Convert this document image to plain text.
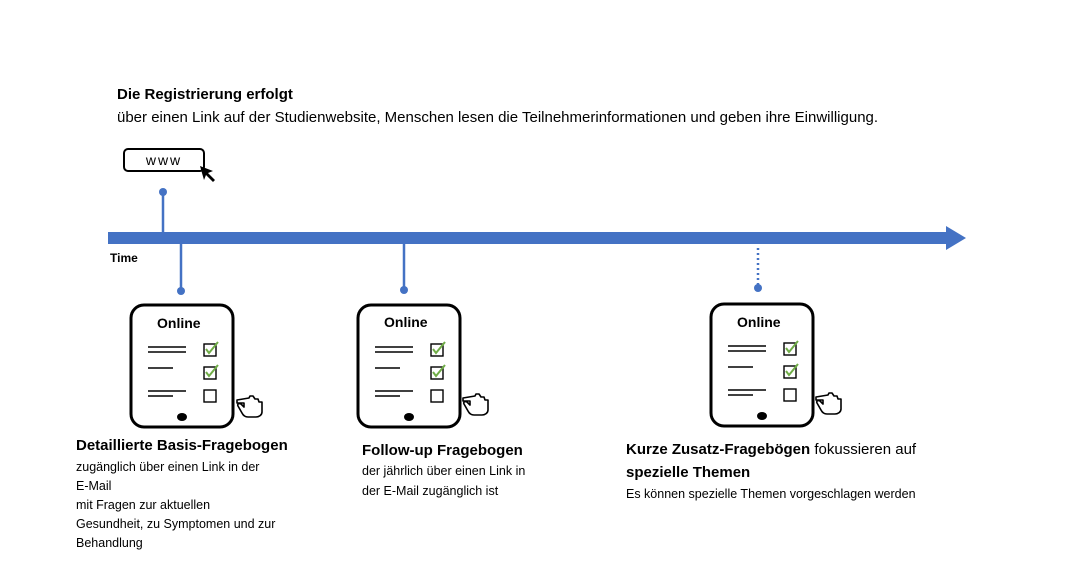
Die Registrierung erfolgt
über einen Link auf der Studienwebsite, Menschen lesen die Teilnehmerinformationen und geben ihre Einwilligung.
www
Time
Online	Online	Online
Detaillierte Basis-Fragebogen
zugänglich über einen Link in der
E-Mail
mit Fragen zur aktuellen
Gesundheit, zu Symptomen und zur
Behandlung
Follow-up Fragebogen
der jährlich über einen Link in
der E-Mail zugänglich ist
Kurze Zusatz-Fragebögen fokussieren auf
spezielle Themen
Es können spezielle Themen vorgeschlagen werden
